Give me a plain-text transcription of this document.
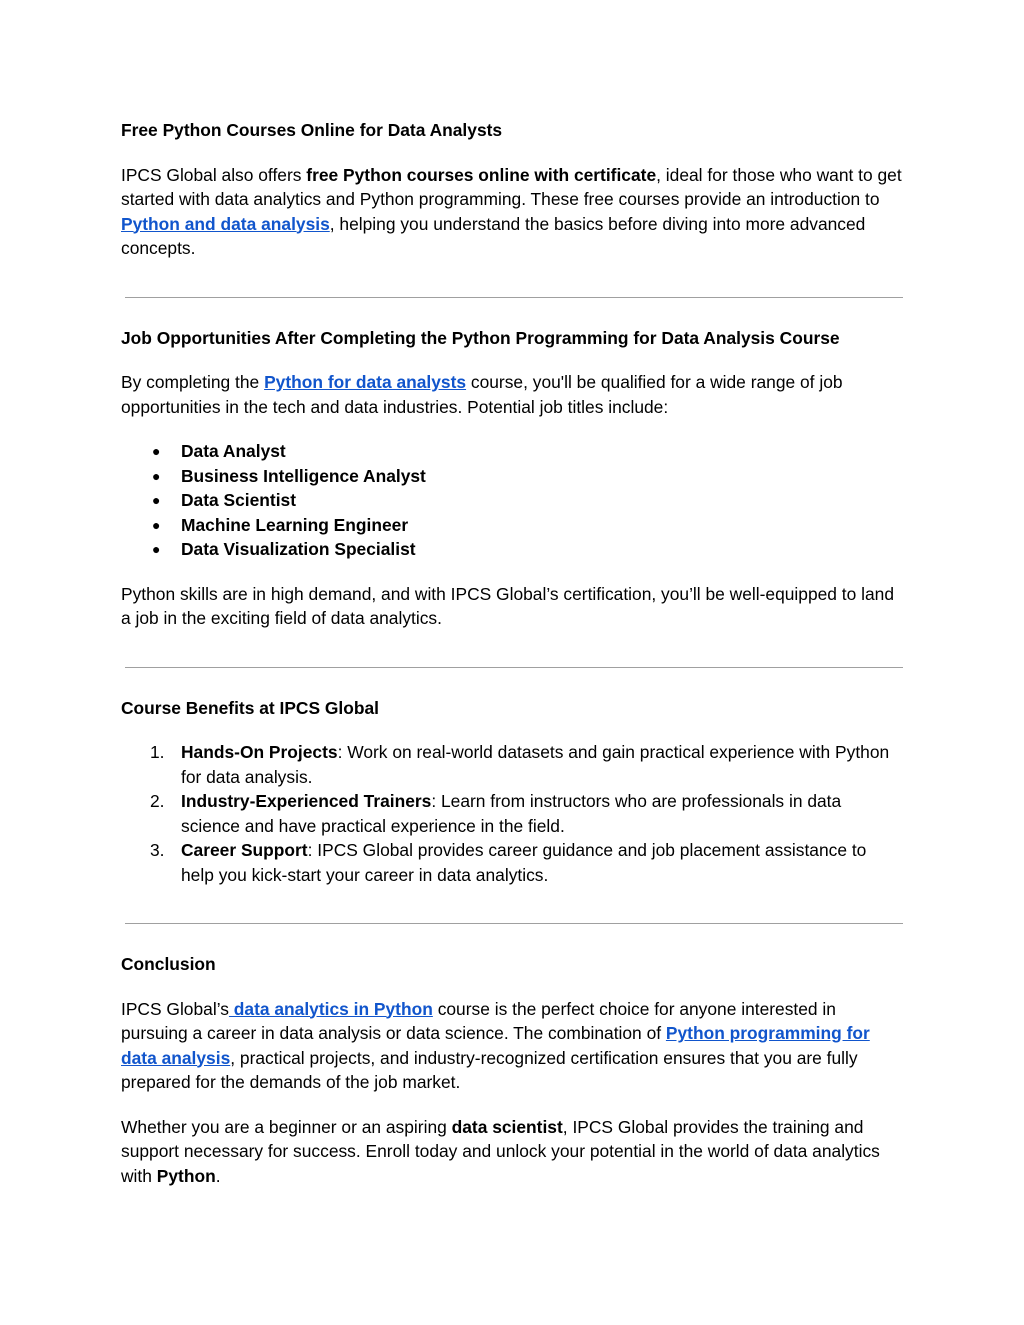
Free Python Courses Online for Data Analysts

IPCS Global also offers free Python courses online with certificate, ideal for those who want to get started with data analytics and Python programming. These free courses provide an introduction to Python and data analysis, helping you understand the basics before diving into more advanced concepts.

Job Opportunities After Completing the Python Programming for Data Analysis Course

By completing the Python for data analysts course, you'll be qualified for a wide range of job opportunities in the tech and data industries. Potential job titles include:

● Data Analyst
● Business Intelligence Analyst
● Data Scientist
● Machine Learning Engineer
● Data Visualization Specialist

Python skills are in high demand, and with IPCS Global’s certification, you’ll be well-equipped to land a job in the exciting field of data analytics.

Course Benefits at IPCS Global
1. Hands-On Projects: Work on real-world datasets and gain practical experience with Python for data analysis.
2. Industry-Experienced Trainers: Learn from instructors who are professionals in data science and have practical experience in the field.
3. Career Support: IPCS Global provides career guidance and job placement assistance to help you kick-start your career in data analytics.
Conclusion

IPCS Global’s data analytics in Python course is the perfect choice for anyone interested in pursuing a career in data analysis or data science. The combination of Python programming for data analysis, practical projects, and industry-recognized certification ensures that you are fully prepared for the demands of the job market.

Whether you are a beginner or an aspiring data scientist, IPCS Global provides the training and support necessary for success. Enroll today and unlock your potential in the world of data analytics with Python.
